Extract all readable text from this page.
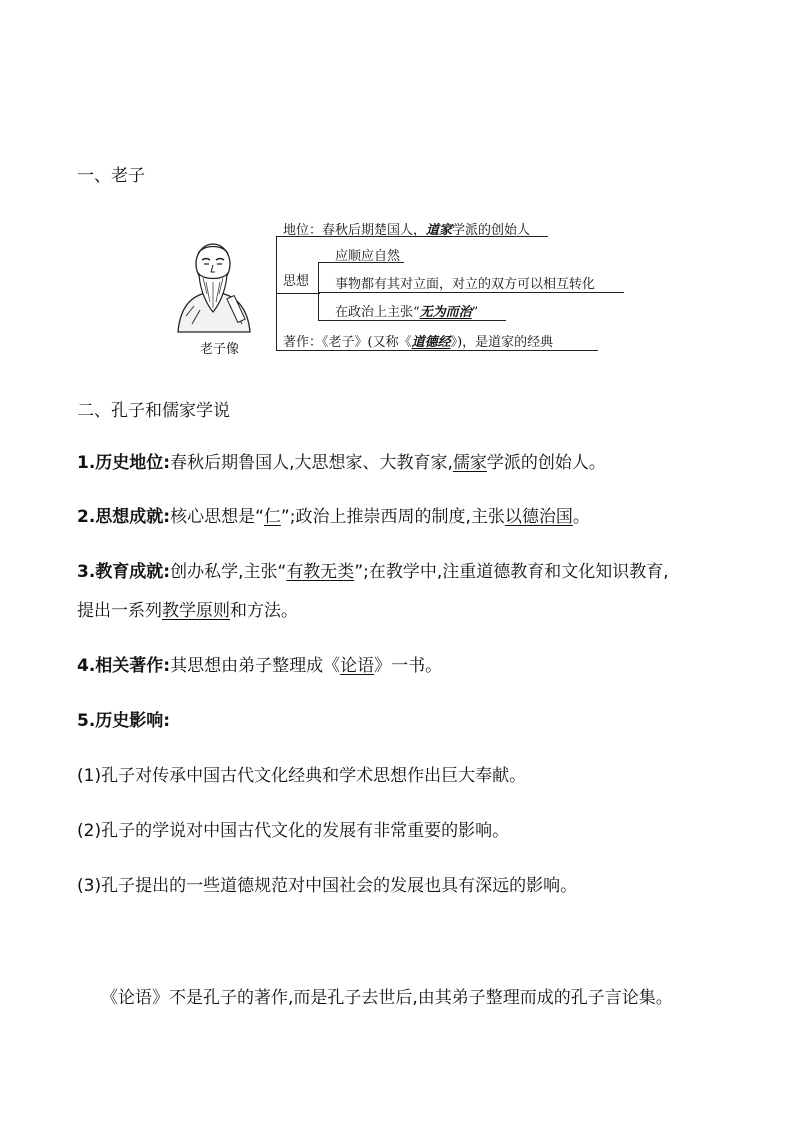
一、老子
老子像
地位：春秋后期楚国人，道家学派的创始人
思想
应顺应自然
事物都有其对立面，对立的双方可以相互转化
在政治上主张“无为而治”
著作：《老子》(又称《道德经》)，是道家的经典
二、孔子和儒家学说
1.历史地位:春秋后期鲁国人,大思想家、大教育家,儒家学派的创始人。
2.思想成就:核心思想是“仁”;政治上推崇西周的制度,主张以德治国。
3.教育成就:创办私学,主张“有教无类”;在教学中,注重道德教育和文化知识教育,
提出一系列教学原则和方法。
4.相关著作:其思想由弟子整理成《论语》一书。
5.历史影响:
(1)孔子对传承中国古代文化经典和学术思想作出巨大奉献。
(2)孔子的学说对中国古代文化的发展有非常重要的影响。
(3)孔子提出的一些道德规范对中国社会的发展也具有深远的影响。
《论语》不是孔子的著作,而是孔子去世后,由其弟子整理而成的孔子言论集。
